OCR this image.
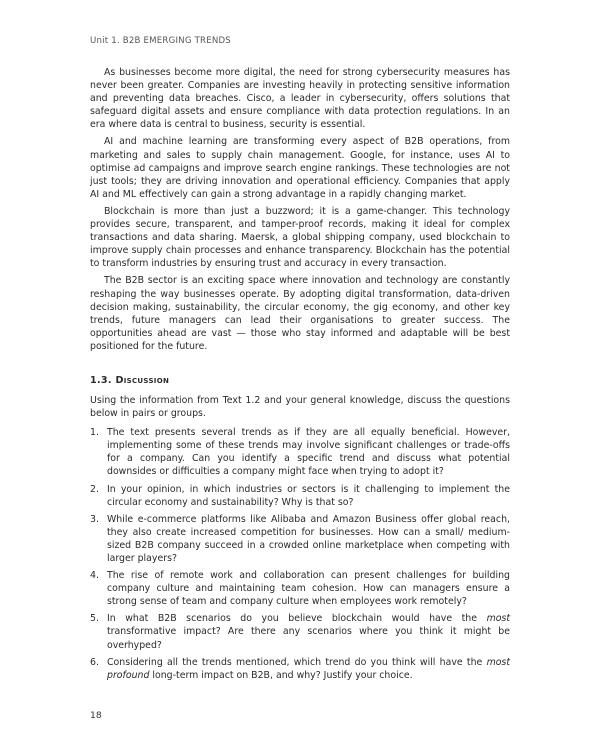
Unit 1. B2B EMERGING TRENDS

As businesses become more digital, the need for strong cybersecurity measures has never been greater. Companies are investing heavily in protecting sensitive information and preventing data breaches. Cisco, a leader in cybersecurity, offers solutions that safeguard digital assets and ensure compliance with data protection regulations. In an era where data is central to business, security is essential.

AI and machine learning are transforming every aspect of B2B operations, from marketing and sales to supply chain management. Google, for instance, uses AI to optimise ad campaigns and improve search engine rankings. These technologies are not just tools; they are driving innovation and operational efficiency. Companies that apply AI and ML effectively can gain a strong advantage in a rapidly changing market.

Blockchain is more than just a buzzword; it is a game-changer. This technology provides secure, transparent, and tamper-proof records, making it ideal for complex transactions and data sharing. Maersk, a global shipping company, used blockchain to improve supply chain processes and enhance transparency. Blockchain has the potential to transform industries by ensuring trust and accuracy in every transaction.

The B2B sector is an exciting space where innovation and technology are constantly reshaping the way businesses operate. By adopting digital transformation, data-driven decision making, sustainability, the circular economy, the gig economy, and other key trends, future managers can lead their organisations to greater success. The opportunities ahead are vast — those who stay informed and adaptable will be best positioned for the future.

1.3. Discussion

Using the information from Text 1.2 and your general knowledge, discuss the questions below in pairs or groups.

1. The text presents several trends as if they are all equally beneficial. However, implementing some of these trends may involve significant challenges or trade-offs for a company. Can you identify a specific trend and discuss what potential downsides or difficulties a company might face when trying to adopt it?
2. In your opinion, in which industries or sectors is it challenging to implement the circular economy and sustainability? Why is that so?
3. While e-commerce platforms like Alibaba and Amazon Business offer global reach, they also create increased competition for businesses. How can a small/ medium-sized B2B company succeed in a crowded online marketplace when competing with larger players?
4. The rise of remote work and collaboration can present challenges for building company culture and maintaining team cohesion. How can managers ensure a strong sense of team and company culture when employees work remotely?
5. In what B2B scenarios do you believe blockchain would have the most transformative impact? Are there any scenarios where you think it might be overhyped?
6. Considering all the trends mentioned, which trend do you think will have the most profound long-term impact on B2B, and why? Justify your choice.
18
